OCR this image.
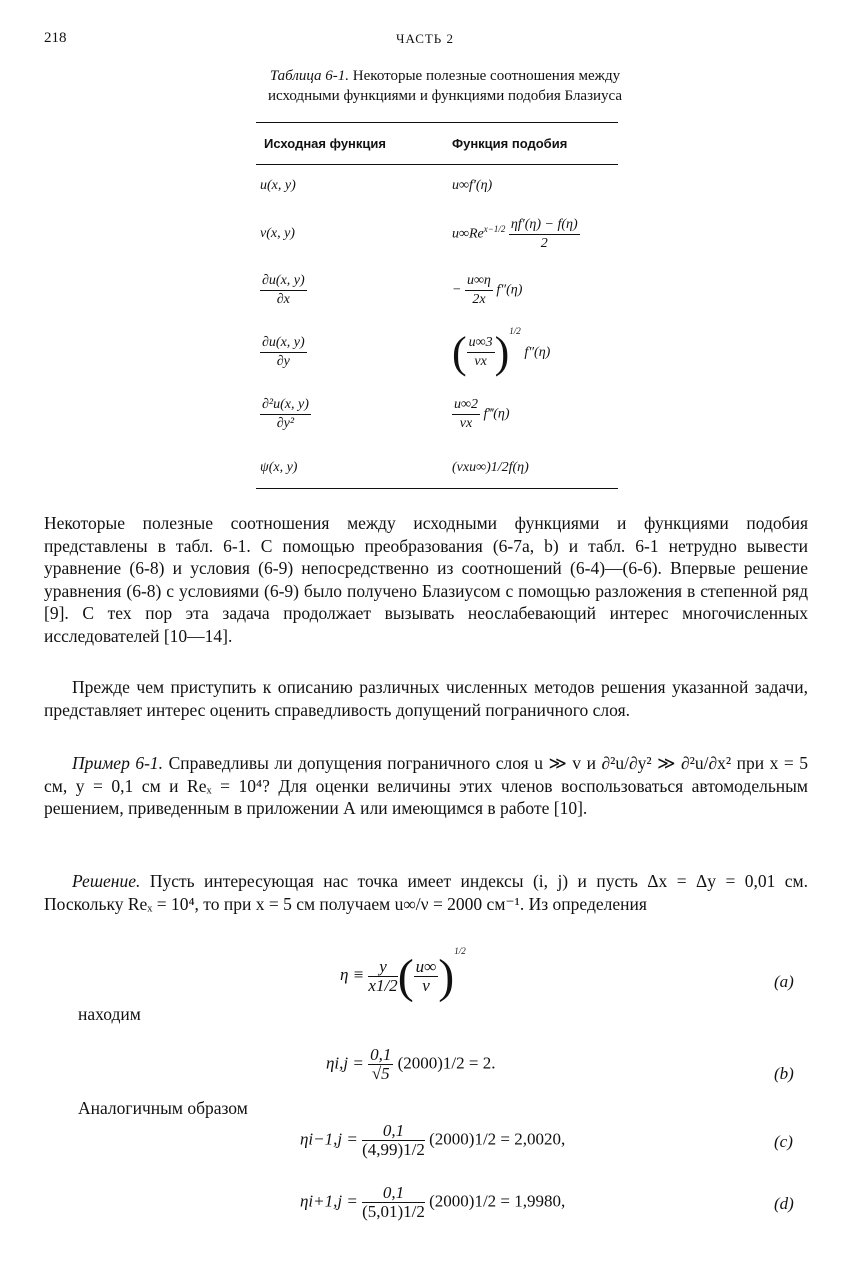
218	ЧАСТЬ 2
Таблица 6-1. Некоторые полезные соотношения между
исходными функциями и функциями подобия Блазиуса
Исходная функция	Функция подобия
u(x, y)	u∞f′(η)
v(x, y)	$u\infty Re^{x-1/2} \frac{\eta f'(\eta) - f(\eta)}{2}$
$\frac{\partial u(x, y)}{\partial x}$	− $\frac{u\infty\eta}{2x} f''(\eta)$
$\frac{\partial u(x, y)}{\partial y}$	( $\frac{u\infty 3}{\nu x} )^{1/2}$ f″(η)
$\frac{\text{∂²u(x, y)}}{\text{∂y²}}$	$\frac{u\infty 2}{\nu x}$ f‴(η)
ψ(x, y)	(νxu∞)1/2f(η)
Некоторые полезные соотношения между исходными функциями и функциями подобия представлены в табл. 6-1. С помощью преобразования (6-7a, b) и табл. 6-1 нетрудно вывести уравнение (6-8) и условия (6-9) непосредственно из соотношений (6-4)—(6-6). Впервые решение уравнения (6-8) с условиями (6-9) было получено Блазиусом с помощью разложения в степенной ряд [9]. С тех пор эта задача продолжает вызывать неослабевающий интерес многочисленных исследователей [10—14].
Прежде чем приступить к описанию различных численных методов решения указанной задачи, представляет интерес оценить справедливость допущений пограничного слоя.
Пример 6-1. Справедливы ли допущения пограничного слоя u ≫ v и ∂²u/∂y² ≫ ∂²u/∂x² при x = 5 см, y = 0,1 см и Reₓ = 10⁴? Для оценки величины этих членов воспользоваться автомодельным решением, приведенным в приложении А или имеющимся в работе [10].
Решение. Пусть интересующая нас точка имеет индексы (i, j) и пусть Δx = Δy = 0,01 см. Поскольку Reₓ = 10⁴, то при x = 5 см получаем u∞/ν = 2000 см⁻¹. Из определения
$\eta \equiv \frac{y}{x1/2}$ ( $\frac{u\infty}{\nu} )^{1/2}$
(a)
находим
$\eta i,j = \frac{0,1}{√5} (2000)1/2 = 2$.
(b)
Аналогичным образом
$\eta i-1,j = \frac{0,1}{(4,99)1/2} (2000)1/2 = 2,0020$,	(c)
$\eta i+1,j = \frac{0,1}{(5,01)1/2} (2000)1/2 = 1,9980$,	(d)
